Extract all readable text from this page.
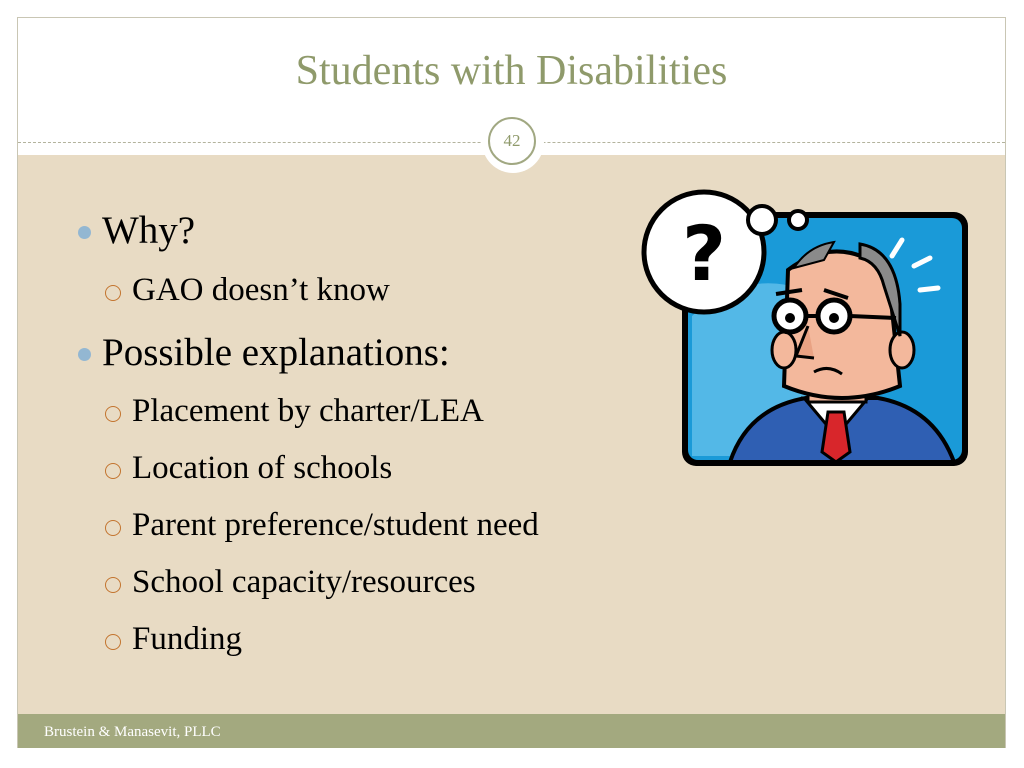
Students with Disabilities
42
Why?
GAO doesn’t know
Possible explanations:
Placement by charter/LEA
Location of schools
Parent preference/student need
School capacity/resources
Funding
?
Brustein & Manasevit, PLLC
